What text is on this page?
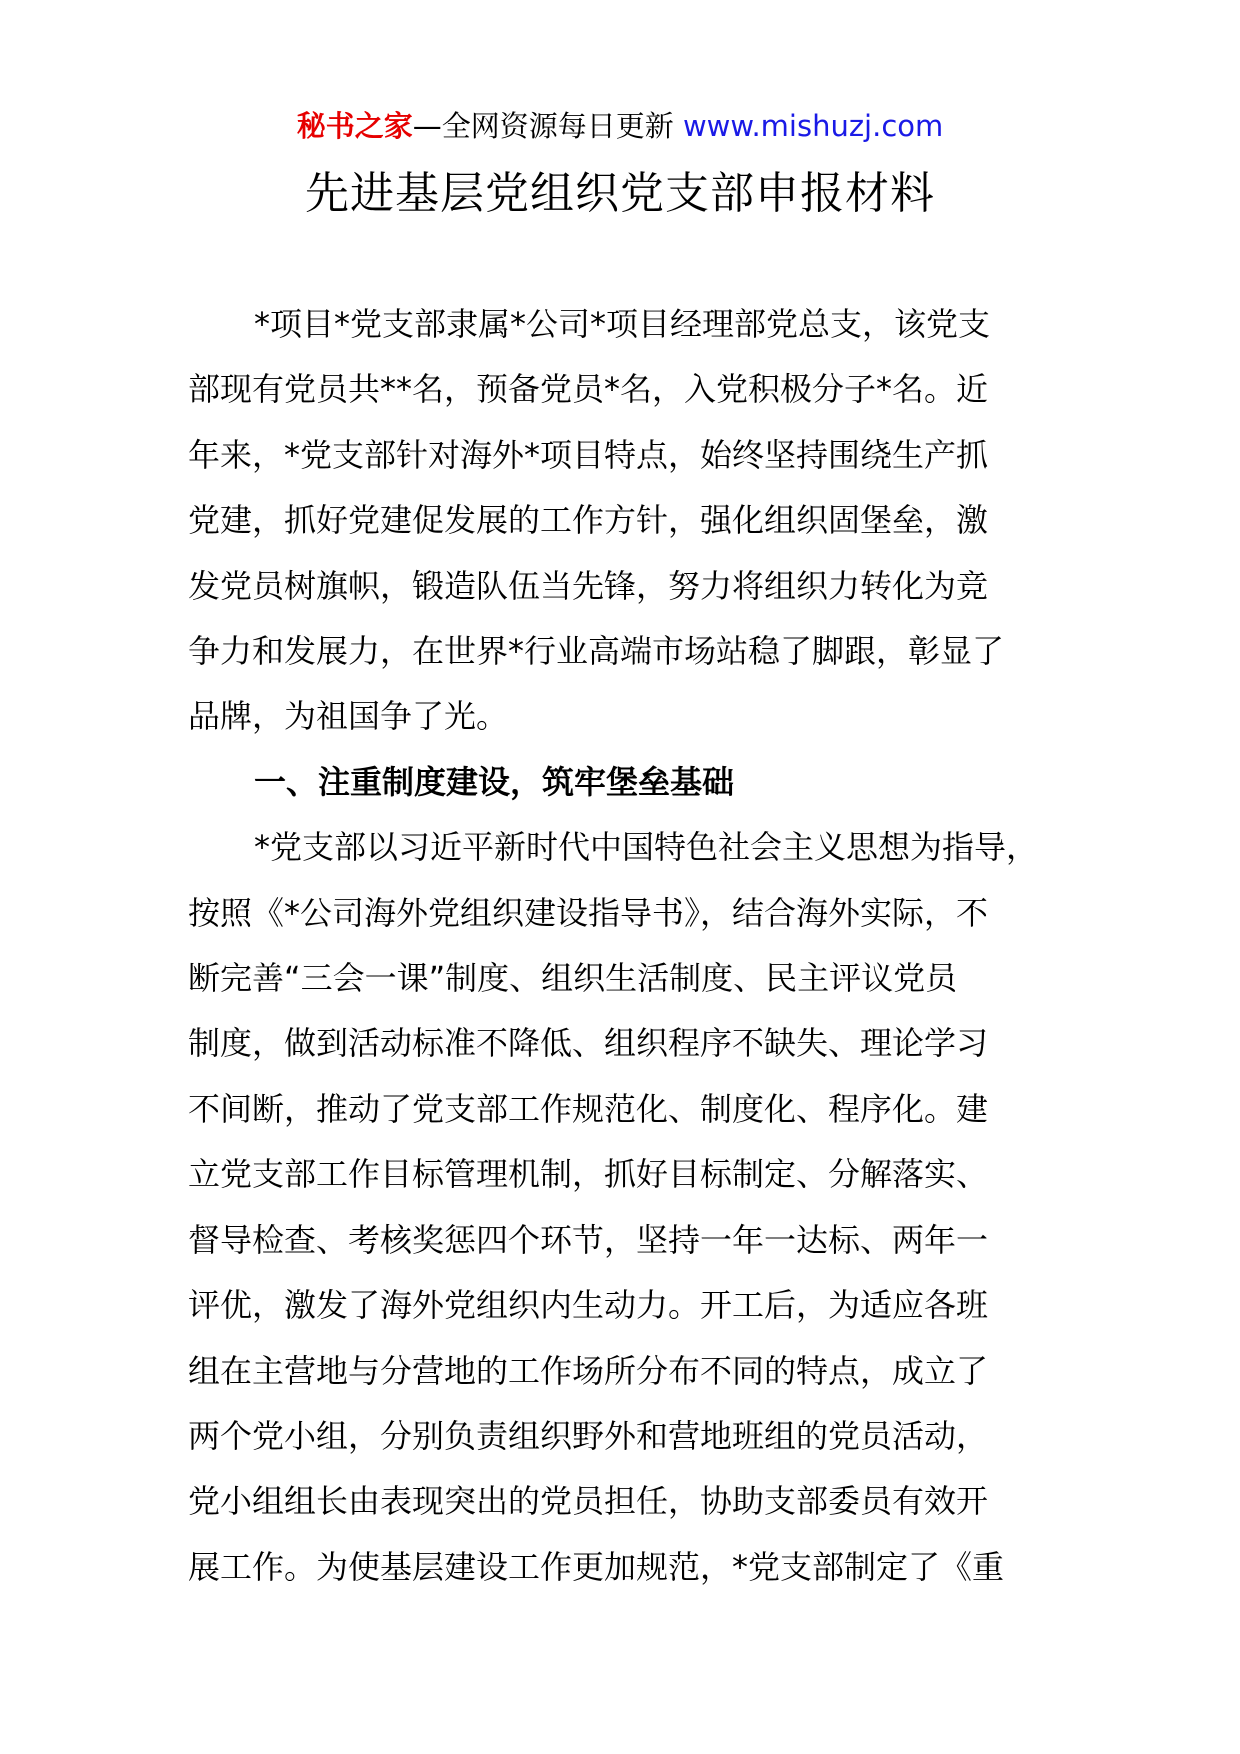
秘书之家—全网资源每日更新 www.mishuzj.com
先进基层党组织党支部申报材料

*项目*党支部隶属*公司*项目经理部党总支，该党支
部现有党员共**名，预备党员*名，入党积极分子*名。近
年来，*党支部针对海外*项目特点，始终坚持围绕生产抓
党建，抓好党建促发展的工作方针，强化组织固堡垒，激
发党员树旗帜，锻造队伍当先锋，努力将组织力转化为竞
争力和发展力，在世界*行业高端市场站稳了脚跟，彰显了
品牌，为祖国争了光。

一、注重制度建设，筑牢堡垒基础

*党支部以习近平新时代中国特色社会主义思想为指导，
按照《*公司海外党组织建设指导书》，结合海外实际，不
断完善“三会一课”制度、组织生活制度、民主评议党员
制度，做到活动标准不降低、组织程序不缺失、理论学习
不间断，推动了党支部工作规范化、制度化、程序化。建
立党支部工作目标管理机制，抓好目标制定、分解落实、
督导检查、考核奖惩四个环节，坚持一年一达标、两年一
评优，激发了海外党组织内生动力。开工后，为适应各班
组在主营地与分营地的工作场所分布不同的特点，成立了
两个党小组，分别负责组织野外和营地班组的党员活动，
党小组组长由表现突出的党员担任，协助支部委员有效开
展工作。为使基层建设工作更加规范，*党支部制定了《重
